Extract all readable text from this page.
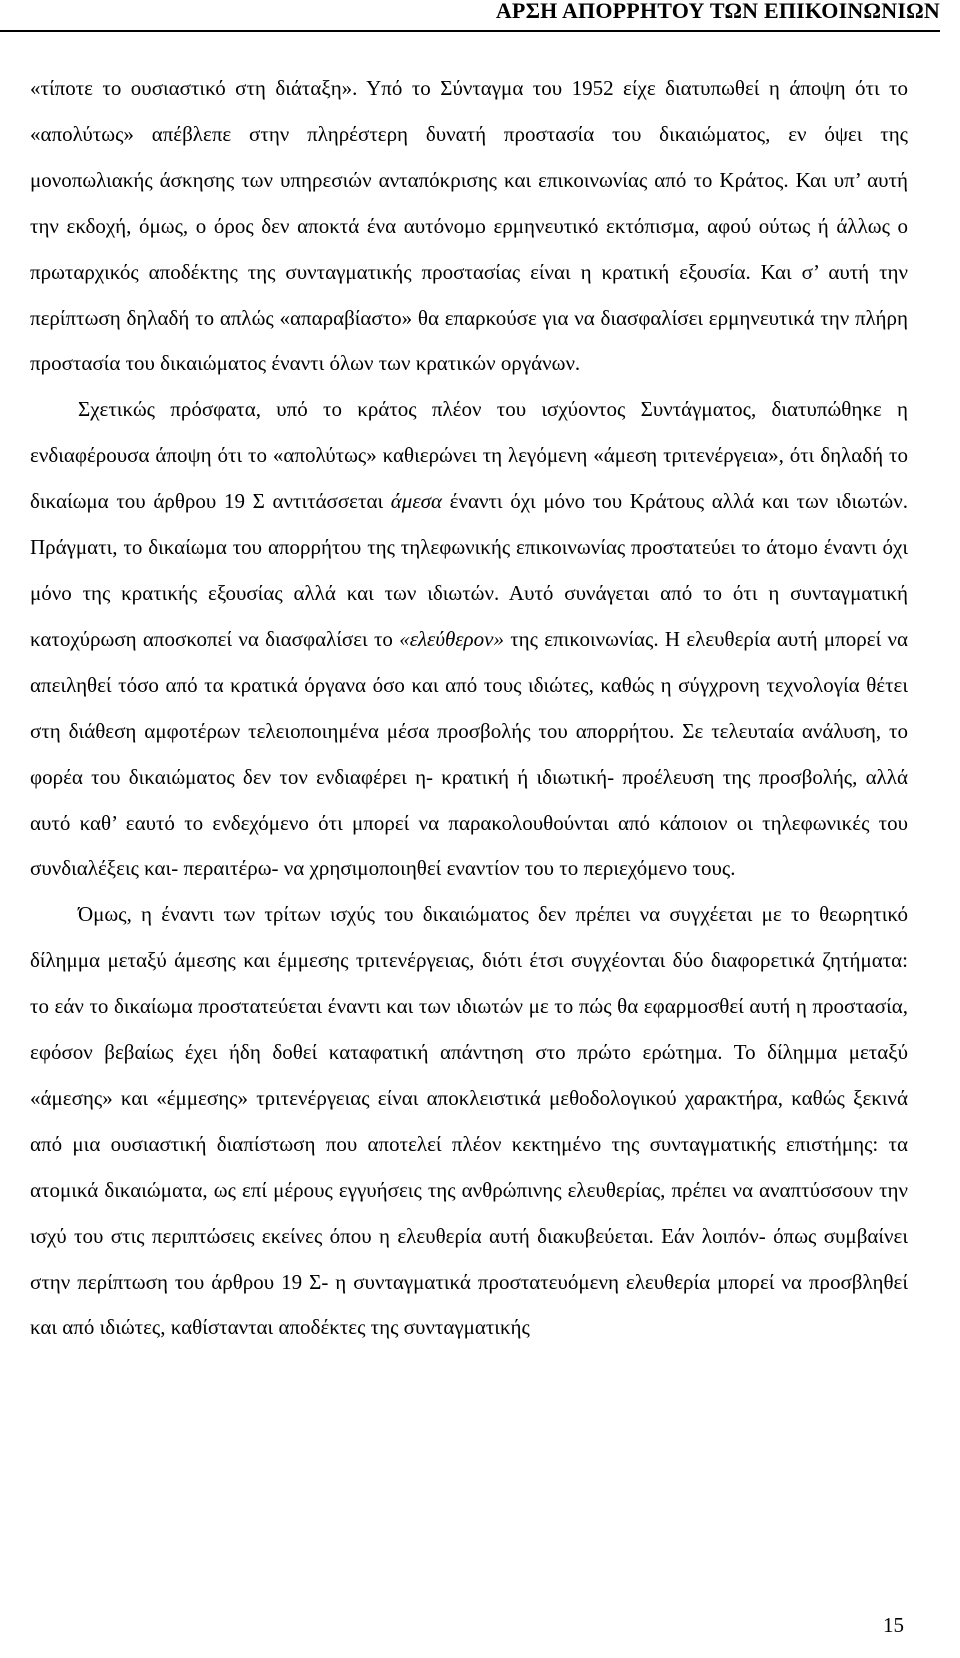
ΑΡΣΗ ΑΠΟΡΡΗΤΟΥ ΤΩΝ ΕΠΙΚΟΙΝΩΝΙΩΝ

«τίποτε το ουσιαστικό στη διάταξη». Υπό το Σύνταγμα του 1952 είχε διατυπωθεί η άποψη ότι το «απολύτως» απέβλεπε στην πληρέστερη δυνατή προστασία του δικαιώματος, εν όψει της μονοπωλιακής άσκησης των υπηρεσιών ανταπόκρισης και επικοινωνίας από το Κράτος. Και υπ’ αυτή την εκδοχή, όμως, ο όρος δεν αποκτά ένα αυτόνομο ερμηνευτικό εκτόπισμα, αφού ούτως ή άλλως ο πρωταρχικός αποδέκτης της συνταγματικής προστασίας είναι η κρατική εξουσία. Και σ’ αυτή την περίπτωση δηλαδή το απλώς «απαραβίαστο» θα επαρκούσε για να διασφαλίσει ερμηνευτικά την πλήρη προστασία του δικαιώματος έναντι όλων των κρατικών οργάνων.

Σχετικώς πρόσφατα, υπό το κράτος πλέον του ισχύοντος Συντάγματος, διατυπώθηκε η ενδιαφέρουσα άποψη ότι το «απολύτως» καθιερώνει τη λεγόμενη «άμεση τριτενέργεια», ότι δηλαδή το δικαίωμα του άρθρου 19 Σ αντιτάσσεται άμεσα έναντι όχι μόνο του Κράτους αλλά και των ιδιωτών. Πράγματι, το δικαίωμα του απορρήτου της τηλεφωνικής επικοινωνίας προστατεύει το άτομο έναντι όχι μόνο της κρατικής εξουσίας αλλά και των ιδιωτών. Αυτό συνάγεται από το ότι η συνταγματική κατοχύρωση αποσκοπεί να διασφαλίσει το «ελεύθερον» της επικοινωνίας. Η ελευθερία αυτή μπορεί να απειληθεί τόσο από τα κρατικά όργανα όσο και από τους ιδιώτες, καθώς η σύγχρονη τεχνολογία θέτει στη διάθεση αμφοτέρων τελειοποιημένα μέσα προσβολής του απορρήτου. Σε τελευταία ανάλυση, το φορέα του δικαιώματος δεν τον ενδιαφέρει η- κρατική ή ιδιωτική- προέλευση της προσβολής, αλλά αυτό καθ’ εαυτό το ενδεχόμενο ότι μπορεί να παρακολουθούνται από κάποιον οι τηλεφωνικές του συνδιαλέξεις και- περαιτέρω- να χρησιμοποιηθεί εναντίον του το περιεχόμενο τους.

Όμως, η έναντι των τρίτων ισχύς του δικαιώματος δεν πρέπει να συγχέεται με το θεωρητικό δίλημμα μεταξύ άμεσης και έμμεσης τριτενέργειας, διότι έτσι συγχέονται δύο διαφορετικά ζητήματα: το εάν το δικαίωμα προστατεύεται έναντι και των ιδιωτών με το πώς θα εφαρμοσθεί αυτή η προστασία, εφόσον βεβαίως έχει ήδη δοθεί καταφατική απάντηση στο πρώτο ερώτημα. Το δίλημμα μεταξύ «άμεσης» και «έμμεσης» τριτενέργειας είναι αποκλειστικά μεθοδολογικού χαρακτήρα, καθώς ξεκινά από μια ουσιαστική διαπίστωση που αποτελεί πλέον κεκτημένο της συνταγματικής επιστήμης: τα ατομικά δικαιώματα, ως επί μέρους εγγυήσεις της ανθρώπινης ελευθερίας, πρέπει να αναπτύσσουν την ισχύ του στις περιπτώσεις εκείνες όπου η ελευθερία αυτή διακυβεύεται. Εάν λοιπόν- όπως συμβαίνει στην περίπτωση του άρθρου 19 Σ- η συνταγματικά προστατευόμενη ελευθερία μπορεί να προσβληθεί και από ιδιώτες, καθίστανται αποδέκτες της συνταγματικής

15
